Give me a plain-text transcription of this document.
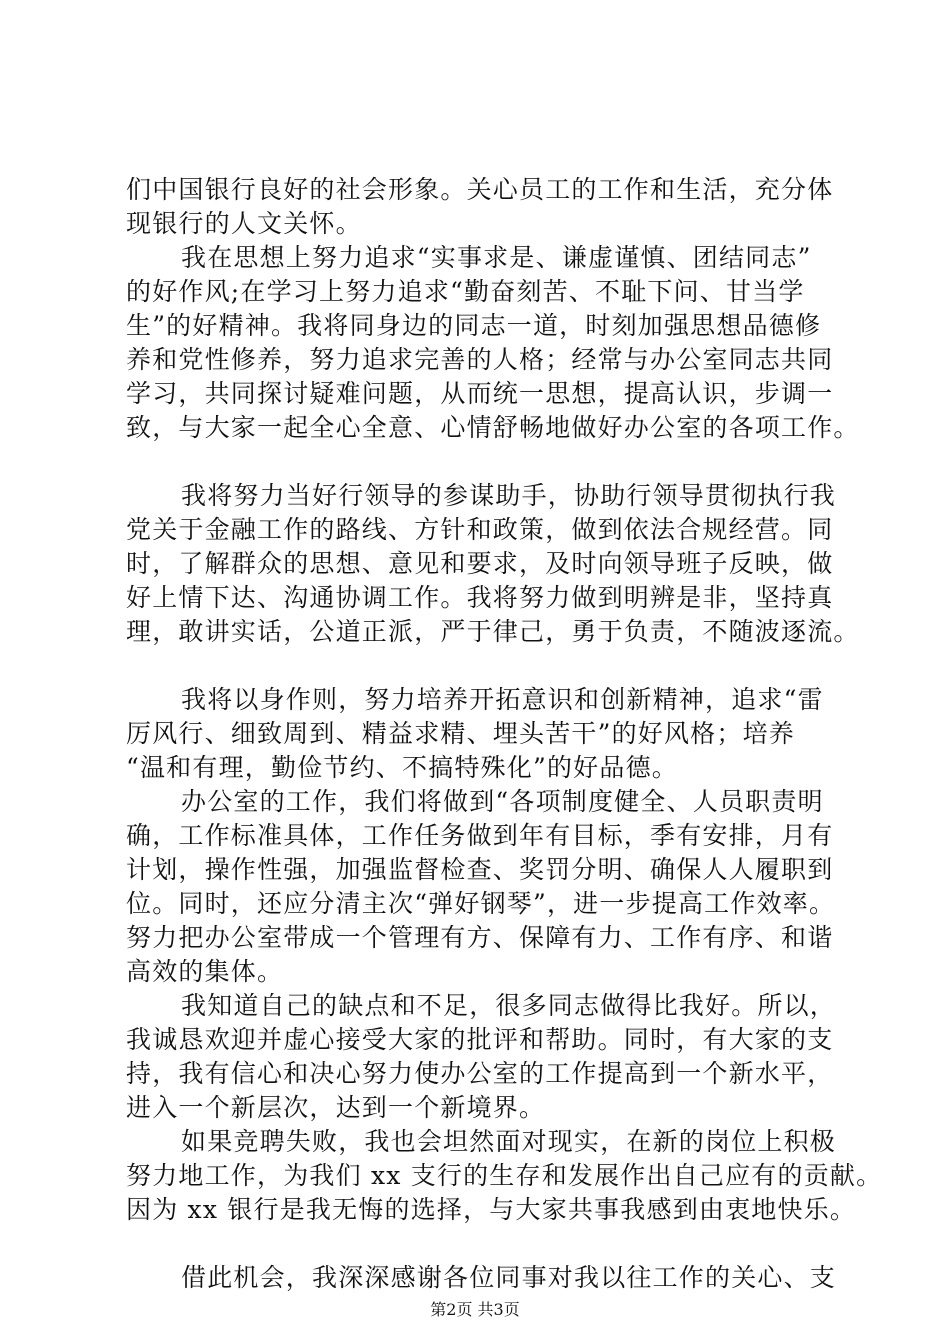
们中国银行良好的社会形象。关心员工的工作和生活，充分体
现银行的人文关怀。
我在思想上努力追求“实事求是、谦虚谨慎、团结同志”
的好作风;在学习上努力追求“勤奋刻苦、不耻下问、甘当学
生”的好精神。我将同身边的同志一道，时刻加强思想品德修
养和党性修养，努力追求完善的人格；经常与办公室同志共同
学习，共同探讨疑难问题，从而统一思想，提高认识，步调一
致，与大家一起全心全意、心情舒畅地做好办公室的各项工作。
我将努力当好行领导的参谋助手，协助行领导贯彻执行我
党关于金融工作的路线、方针和政策，做到依法合规经营。同
时，了解群众的思想、意见和要求，及时向领导班子反映，做
好上情下达、沟通协调工作。我将努力做到明辨是非，坚持真
理，敢讲实话，公道正派，严于律己，勇于负责，不随波逐流。
我将以身作则，努力培养开拓意识和创新精神，追求“雷
厉风行、细致周到、精益求精、埋头苦干”的好风格；培养
“温和有理，勤俭节约、不搞特殊化”的好品德。
办公室的工作，我们将做到“各项制度健全、人员职责明
确，工作标准具体，工作任务做到年有目标，季有安排，月有
计划，操作性强，加强监督检查、奖罚分明、确保人人履职到
位。同时，还应分清主次“弹好钢琴”，进一步提高工作效率。
努力把办公室带成一个管理有方、保障有力、工作有序、和谐
高效的集体。
我知道自己的缺点和不足，很多同志做得比我好。所以，
我诚恳欢迎并虚心接受大家的批评和帮助。同时，有大家的支
持，我有信心和决心努力使办公室的工作提高到一个新水平，
进入一个新层次，达到一个新境界。
如果竞聘失败，我也会坦然面对现实，在新的岗位上积极
努力地工作，为我们 xx 支行的生存和发展作出自己应有的贡献。
因为 xx 银行是我无悔的选择，与大家共事我感到由衷地快乐。
借此机会，我深深感谢各位同事对我以往工作的关心、支
第2页 共3页
